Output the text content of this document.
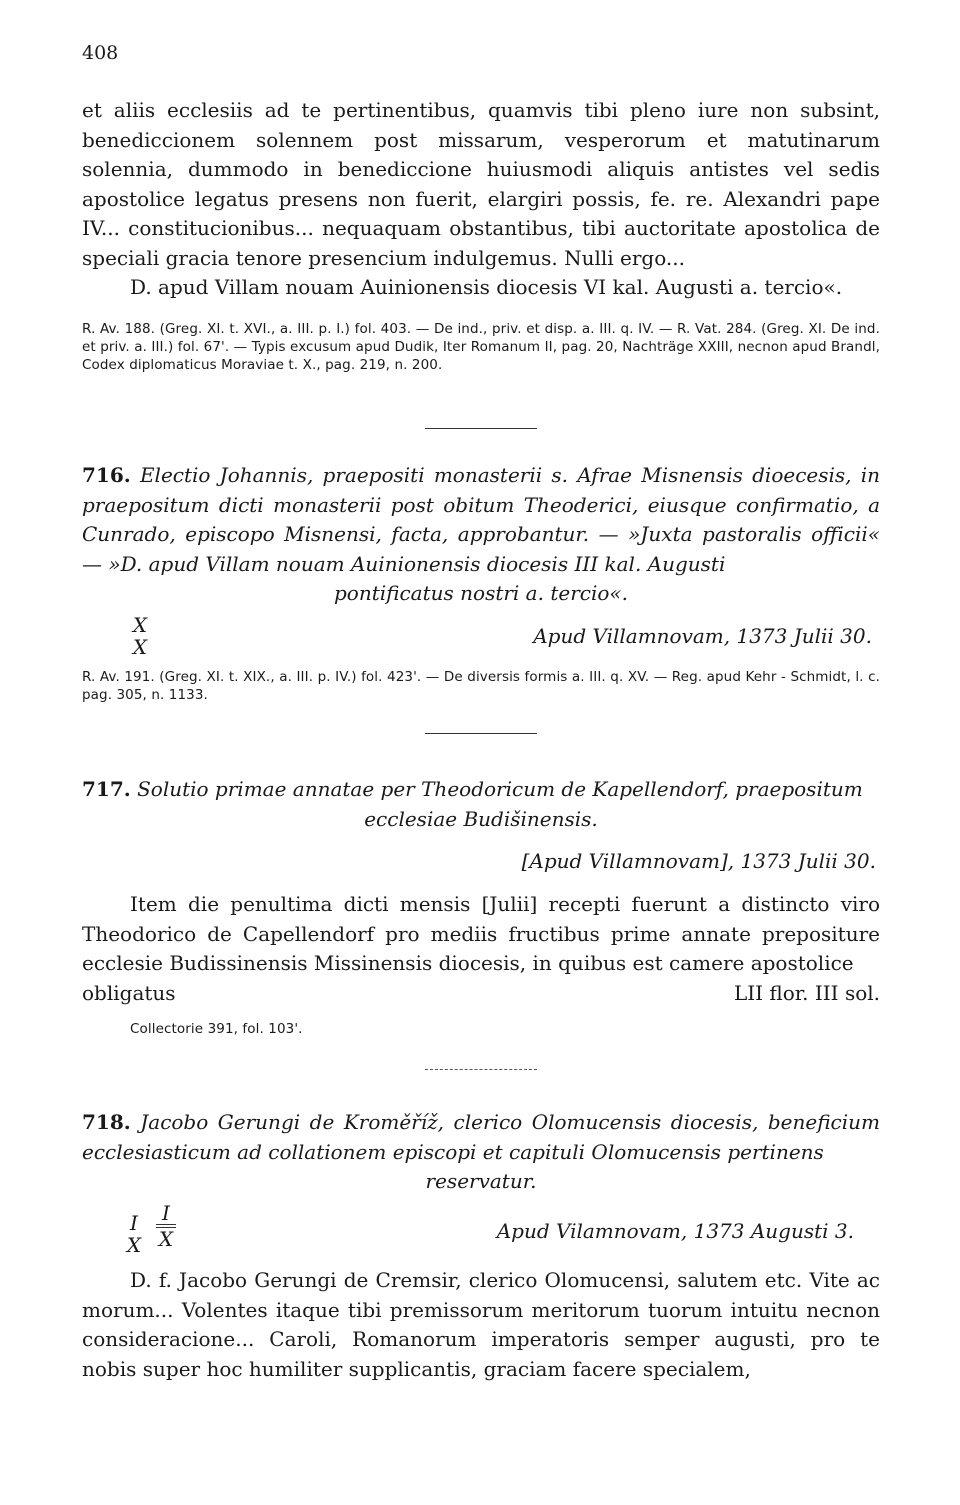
408

et aliis ecclesiis ad te pertinentibus, quamvis tibi pleno iure non subsint, benediccionem solennem post missarum, vesperorum et matutinarum solennia, dummodo in benediccione huiusmodi aliquis antistes vel sedis apostolice legatus presens non fuerit, elargiri possis, fe. re. Alexandri pape IV... constitucionibus... nequaquam obstantibus, tibi auctoritate apostolica de speciali gracia tenore presencium indulgemus. Nulli ergo...

D. apud Villam nouam Auinionensis diocesis VI kal. Augusti a. tercio«.

R. Av. 188. (Greg. XI. t. XVI., a. III. p. I.) fol. 403. — De ind., priv. et disp. a. III. q. IV. — R. Vat. 284. (Greg. XI. De ind. et priv. a. III.) fol. 67'. — Typis excusum apud Dudik, Iter Romanum II, pag. 20, Nachträge XXIII, necnon apud Brandl, Codex diplomaticus Moraviae t. X., pag. 219, n. 200.

716. Electio Johannis, praepositi monasterii s. Afrae Misnensis dioecesis, in praepositum dicti monasterii post obitum Theoderici, eiusque confirmatio, a Cunrado, episcopo Misnensi, facta, approbantur. — »Juxta pastoralis officii« — »D. apud Villam nouam Auinionensis diocesis III kal. Augusti

pontificatus nostri a. tercio«.

X
X	Apud Villamnovam, 1373 Julii 30.

R. Av. 191. (Greg. XI. t. XIX., a. III. p. IV.) fol. 423'. — De diversis formis a. III. q. XV. — Reg. apud Kehr - Schmidt, l. c. pag. 305, n. 1133.

717. Solutio primae annatae per Theodoricum de Kapellendorf, praepositum

ecclesiae Budišinensis.

[Apud Villamnovam], 1373 Julii 30.

Item die penultima dicti mensis [Julii] recepti fuerunt a distincto viro Theodorico de Capellendorf pro mediis fructibus prime annate prepositure ecclesie Budissinensis Missinensis diocesis, in quibus est camere apostolice

obligatus	LII flor. III sol.

Collectorie 391, fol. 103'.

718. Jacobo Gerungi de Kroměříž, clerico Olomucensis diocesis, beneficium ecclesiasticum ad collationem episcopi et capituli Olomucensis pertinens

reservatur.

I
X
I
X	Apud Vilamnovam, 1373 Augusti 3.

D. f. Jacobo Gerungi de Cremsir, clerico Olomucensi, salutem etc. Vite ac morum... Volentes itaque tibi premissorum meritorum tuorum intuitu necnon consideracione... Caroli, Romanorum imperatoris semper augusti, pro te nobis super hoc humiliter supplicantis, graciam facere specialem,
